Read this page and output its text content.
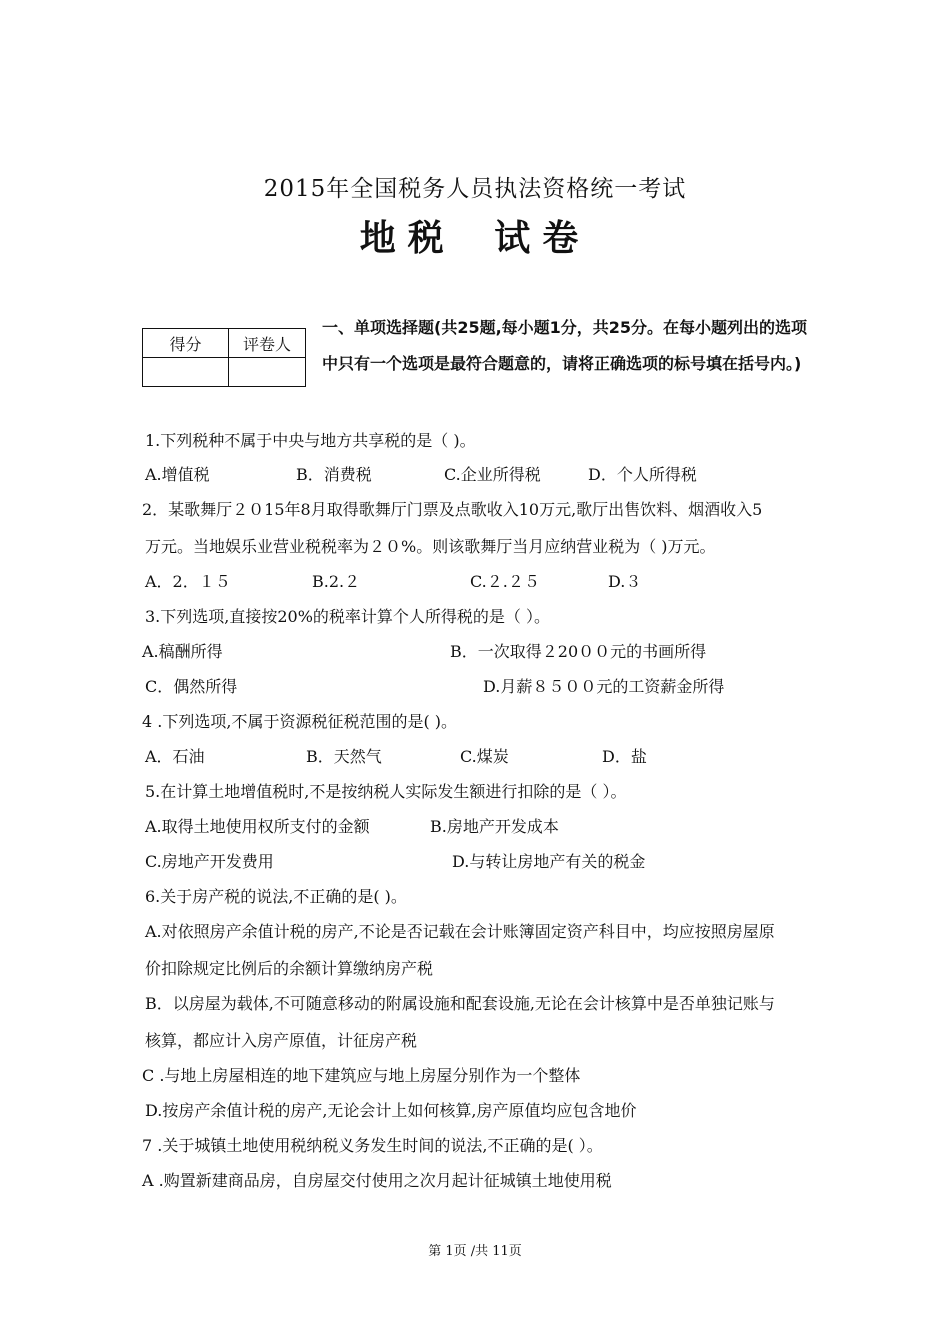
2015年全国税务人员执法资格统一考试
地税 试卷
得分	评卷人

一、单项选择题(共25题,每小题1分，共25分。在每小题列出的选项中只有一个选项是最符合题意的，请将正确选项的标号填在括号内。)
1.下列税种不属于中央与地方共享税的是（ )。
A.增值税	B．消费税	C.企业所得税	D．个人所得税
2．某歌舞厅２０15年8月取得歌舞厅门票及点歌收入10万元,歌厅出售饮料、烟酒收入5
万元。当地娱乐业营业税税率为２０%。则该歌舞厅当月应纳营业税为（ )万元。
A．2．１５	B.2.２	C.２.２５	D.３
3.下列选项,直接按20%的税率计算个人所得税的是（ ）。
A.稿酬所得	B．一次取得２20００元的书画所得
C．偶然所得	D.月薪８５００元的工资薪金所得
4 .下列选项,不属于资源税征税范围的是( )。
A．石油	B．天然气	C.煤炭	D．盐
5.在计算土地增值税时,不是按纳税人实际发生额进行扣除的是（ ）。
A.取得土地使用权所支付的金额	B.房地产开发成本
C.房地产开发费用	D.与转让房地产有关的税金
6.关于房产税的说法,不正确的是( )。
A.对依照房产余值计税的房产,不论是否记载在会计账簿固定资产科目中，均应按照房屋原
价扣除规定比例后的余额计算缴纳房产税
B．以房屋为载体,不可随意移动的附属设施和配套设施,无论在会计核算中是否单独记账与
核算，都应计入房产原值，计征房产税
C .与地上房屋相连的地下建筑应与地上房屋分别作为一个整体
D.按房产余值计税的房产,无论会计上如何核算,房产原值均应包含地价
7 .关于城镇土地使用税纳税义务发生时间的说法,不正确的是( ）。
A .购置新建商品房，自房屋交付使用之次月起计征城镇土地使用税
第 1页 /共 11页
